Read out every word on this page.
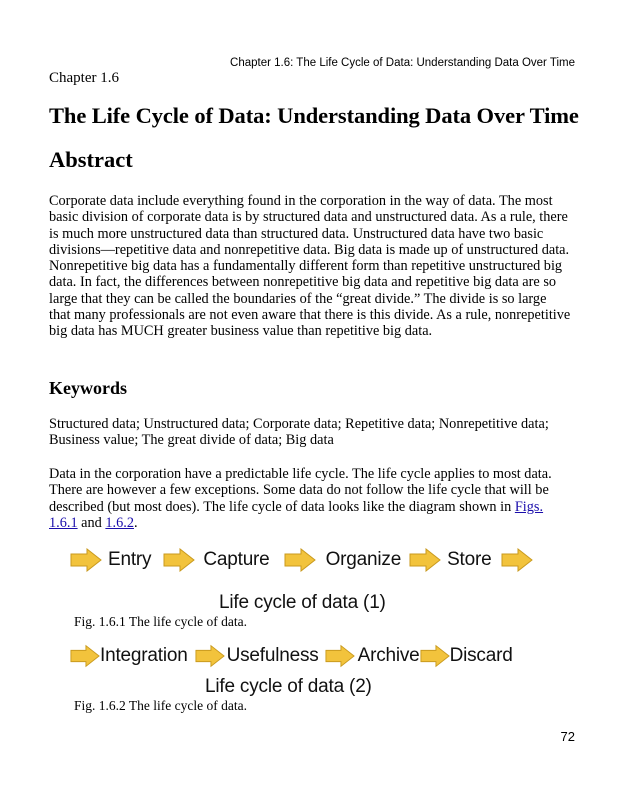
Chapter 1.6: The Life Cycle of Data: Understanding Data Over Time
Chapter 1.6
The Life Cycle of Data: Understanding Data Over Time
Abstract

Corporate data include everything found in the corporation in the way of data. The most basic division of corporate data is by structured data and unstructured data. As a rule, there is much more unstructured data than structured data. Unstructured data have two basic divisions—repetitive data and nonrepetitive data. Big data is made up of unstructured data. Nonrepetitive big data has a fundamentally different form than repetitive unstructured big data. In fact, the differences between nonrepetitive big data and repetitive big data are so large that they can be called the boundaries of the “great divide.” The divide is so large that many professionals are not even aware that there is this divide. As a rule, nonrepetitive big data has MUCH greater business value than repetitive big data.

Keywords

Structured data; Unstructured data; Corporate data; Repetitive data; Nonrepetitive data; Business value; The great divide of data; Big data

Data in the corporation have a predictable life cycle. The life cycle applies to most data. There are however a few exceptions. Some data do not follow the life cycle that will be described (but most does). The life cycle of data looks like the diagram shown in Figs. 1.6.1 and 1.6.2.

Entry	Capture	Organize Store
Life cycle of data (1)
Fig. 1.6.1 The life cycle of data.
Integration Usefulness Archive Discard
Life cycle of data (2)
Fig. 1.6.2 The life cycle of data.
72
